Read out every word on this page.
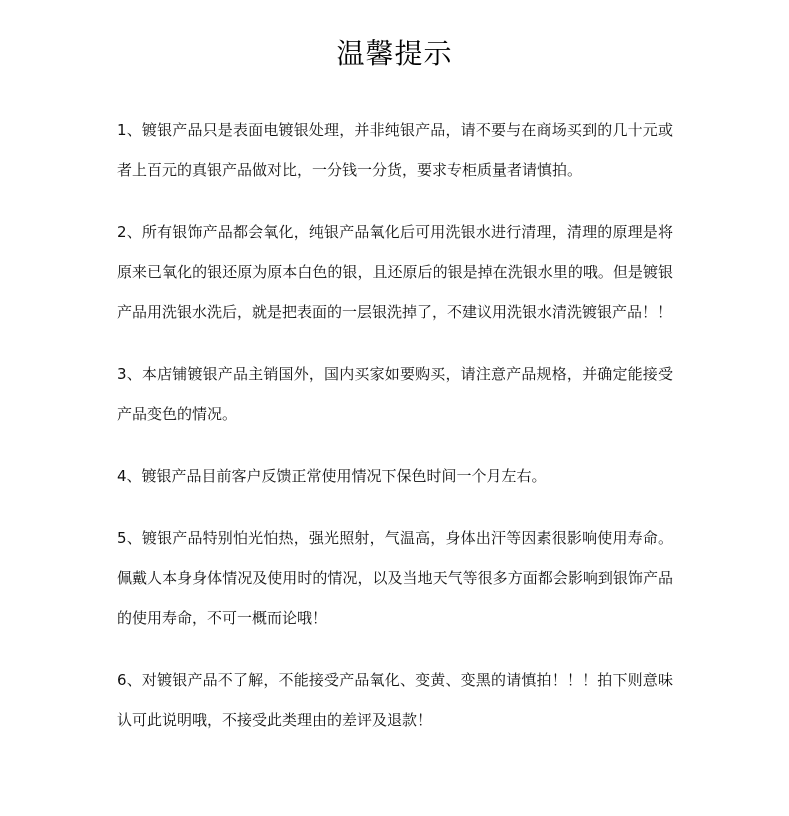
温馨提示

1、镀银产品只是表面电镀银处理，并非纯银产品，请不要与在商场买到的几十元或者上百元的真银产品做对比，一分钱一分货，要求专柜质量者请慎拍。

2、所有银饰产品都会氧化，纯银产品氧化后可用洗银水进行清理，清理的原理是将原来已氧化的银还原为原本白色的银，且还原后的银是掉在洗银水里的哦。但是镀银产品用洗银水洗后，就是把表面的一层银洗掉了，不建议用洗银水清洗镀银产品！！

3、本店铺镀银产品主销国外，国内买家如要购买，请注意产品规格，并确定能接受产品变色的情况。

4、镀银产品目前客户反馈正常使用情况下保色时间一个月左右。

5、镀银产品特别怕光怕热，强光照射，气温高，身体出汗等因素很影响使用寿命。佩戴人本身身体情况及使用时的情况，以及当地天气等很多方面都会影响到银饰产品的使用寿命，不可一概而论哦！

6、对镀银产品不了解，不能接受产品氧化、变黄、变黑的请慎拍！！！拍下则意味认可此说明哦，不接受此类理由的差评及退款！
